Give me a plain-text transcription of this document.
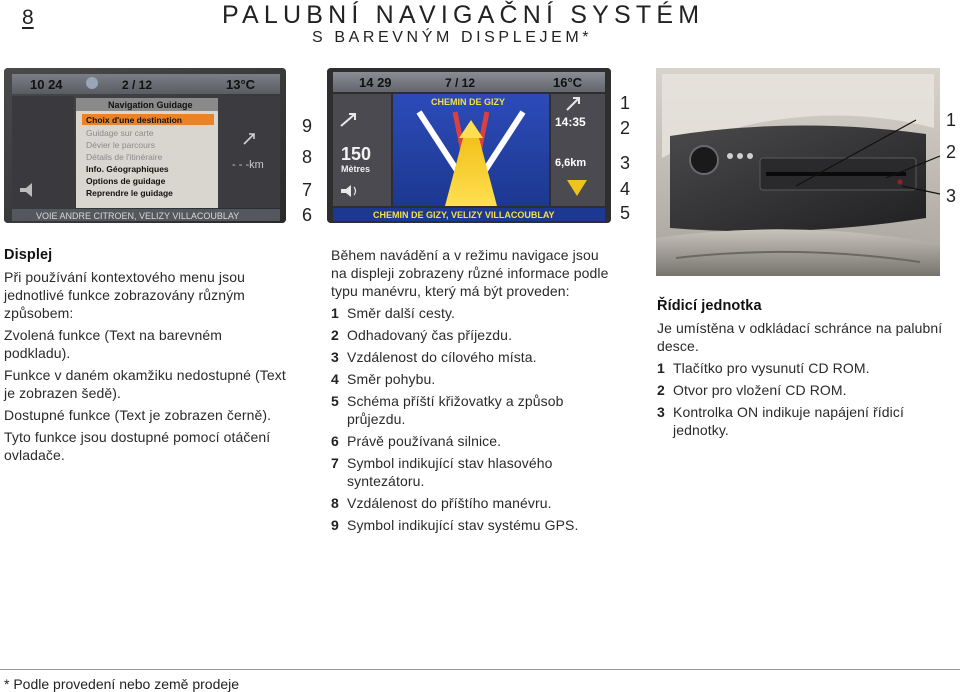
8	PALUBNÍ NAVIGAČNÍ SYSTÉM
S BAREVNÝM DISPLEJEM*
10 24	2 / 12	13°C
- - -km
Navigation Guidage
Choix d'une destination
Guidage sur carte
Dévier le parcours
Détails de l'itinéraire
Info. Géographiques
Options de guidage
Reprendre le guidage
VOIE ANDRE CITROEN, VELIZY VILLACOUBLAY
14 29	7 / 12	16°C
CHEMIN DE GIZY
150
Mètres
14:35
6,6km
CHEMIN DE GIZY, VELIZY VILLACOUBLAY
9
8
7
6
1
2
3
4
5
1
2
3

Displej

Při používání kontextového menu jsou jednotlivé funkce zobrazovány různým způsobem:

Zvolená funkce (Text na barevném podkladu).

Funkce v daném okamžiku nedostupné (Text je zobrazen šedě).

Dostupné funkce (Text je zobrazen černě).

Tyto funkce jsou dostupné pomocí otáčení ovladače.

Během navádění a v režimu navigace jsou na displeji zobrazeny různé informace podle typu manévru, který má být proveden:

1 Směr další cesty.
2 Odhadovaný čas příjezdu.
3 Vzdálenost do cílového místa.
4 Směr pohybu.
5 Schéma příští křižovatky a způsob průjezdu.
6 Právě používaná silnice.
7 Symbol indikující stav hlasového syntezátoru.
8 Vzdálenost do příštího manévru.
9 Symbol indikující stav systému GPS.

Řídicí jednotka

Je umístěna v odkládací schránce na palubní desce.

1 Tlačítko pro vysunutí CD ROM.
2 Otvor pro vložení CD ROM.
3 Kontrolka ON indikuje napájení řídicí jednotky.
* Podle provedení nebo země prodeje
